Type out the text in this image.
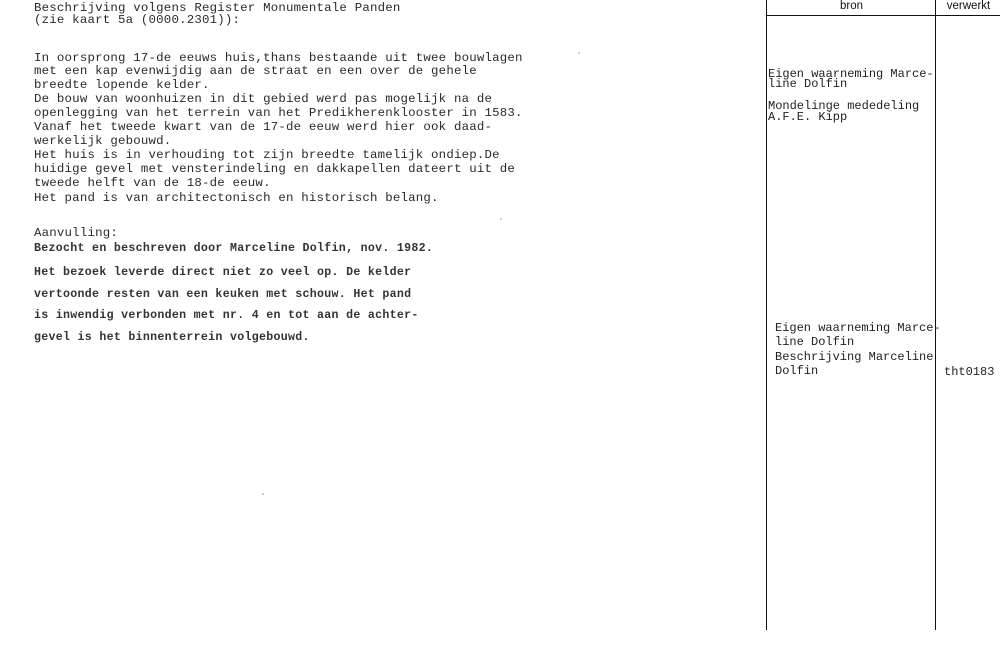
Beschrijving volgens Register Monumentale Panden
(zie kaart 5a (0000.2301)):
In oorsprong 17-de eeuws huis,thans bestaande uit twee bouwlagen
met een kap evenwijdig aan de straat en een over de gehele
breedte lopende kelder.
De bouw van woonhuizen in dit gebied werd pas mogelijk na de
openlegging van het terrein van het Predikherenklooster in 1583.
Vanaf het tweede kwart van de 17-de eeuw werd hier ook daad-
werkelijk gebouwd.
Het huis is in verhouding tot zijn breedte tamelijk ondiep.De
huidige gevel met vensterindeling en dakkapellen dateert uit de
tweede helft van de 18-de eeuw.
Het pand is van architectonisch en historisch belang.
Aanvulling:
Bezocht en beschreven door Marceline Dolfin, nov. 1982.
Het bezoek leverde direct niet zo veel op. De kelder
vertoonde resten van een keuken met schouw. Het pand
is inwendig verbonden met nr. 4 en tot aan de achter-
gevel is het binnenterrein volgebouwd.
bron	verwerkt
Eigen waarneming Marce-
line Dolfin
Mondelinge mededeling
A.F.E. Kipp
Eigen waarneming Marce-
line Dolfin
Beschrijving Marceline
Dolfin	tht0183
